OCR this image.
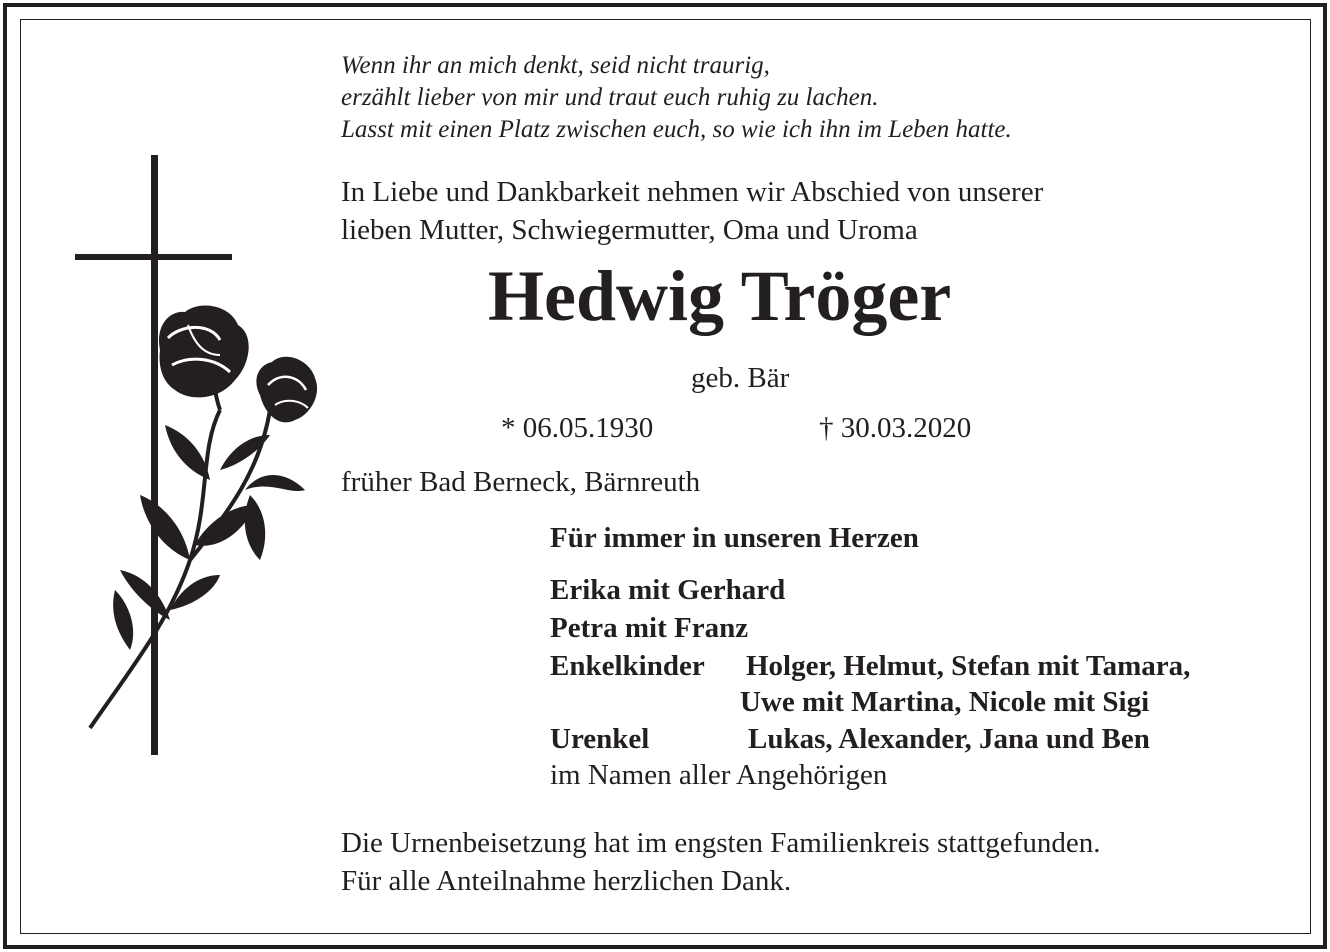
Wenn ihr an mich denkt, seid nicht traurig,
erzählt lieber von mir und traut euch ruhig zu lachen.
Lasst mit einen Platz zwischen euch, so wie ich ihn im Leben hatte.
In Liebe und Dankbarkeit nehmen wir Abschied von unserer
lieben Mutter, Schwiegermutter, Oma und Uroma
Hedwig Tröger
geb. Bär
* 06.05.1930	† 30.03.2020
früher Bad Berneck, Bärnreuth
Für immer in unseren Herzen
Erika mit Gerhard
Petra mit Franz
Enkelkinder Holger, Helmut, Stefan mit Tamara,
Uwe mit Martina, Nicole mit Sigi
Urenkel	Lukas, Alexander, Jana und Ben
im Namen aller Angehörigen
Die Urnenbeisetzung hat im engsten Familienkreis stattgefunden.
Für alle Anteilnahme herzlichen Dank.
